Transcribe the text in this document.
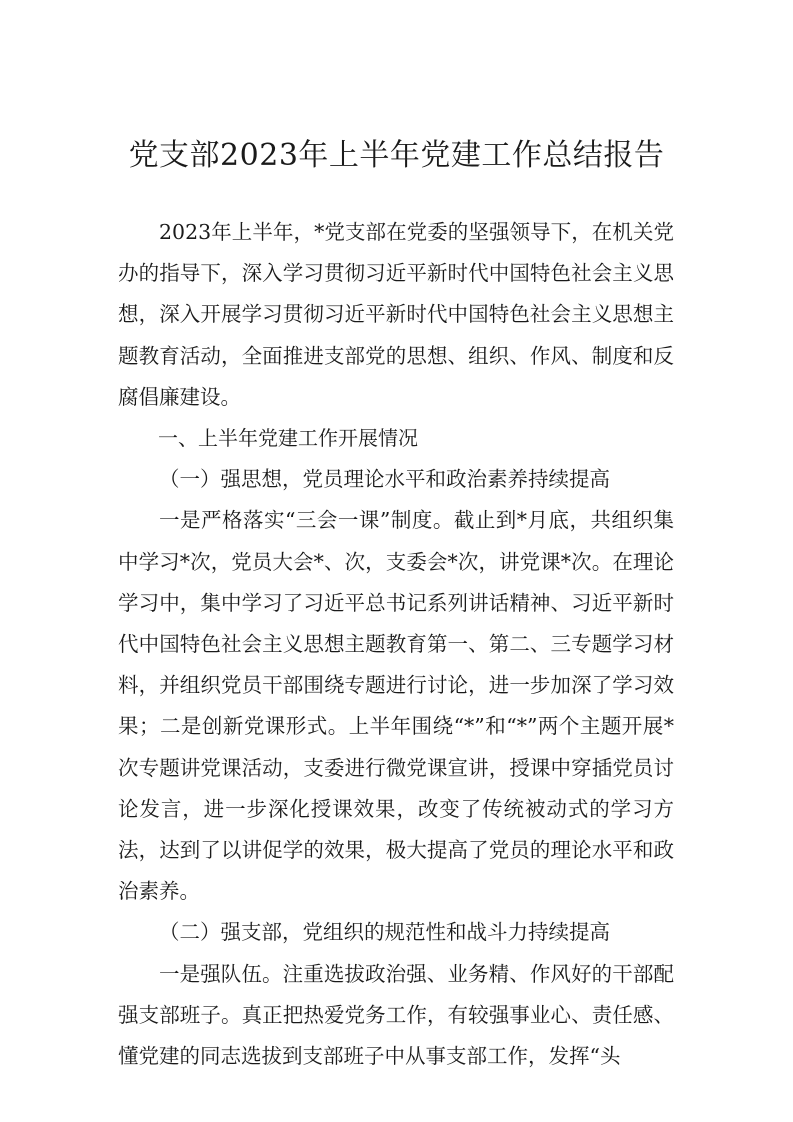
党支部2023年上半年党建工作总结报告

2023年上半年，*党支部在党委的坚强领导下，在机关党办的指导下，深入学习贯彻习近平新时代中国特色社会主义思想，深入开展学习贯彻习近平新时代中国特色社会主义思想主题教育活动，全面推进支部党的思想、组织、作风、制度和反腐倡廉建设。

一、上半年党建工作开展情况

（一）强思想，党员理论水平和政治素养持续提高

一是严格落实“三会一课”制度。截止到*月底，共组织集中学习*次，党员大会*、次，支委会*次，讲党课*次。在理论学习中，集中学习了习近平总书记系列讲话精神、习近平新时代中国特色社会主义思想主题教育第一、第二、三专题学习材料，并组织党员干部围绕专题进行讨论，进一步加深了学习效果；二是创新党课形式。上半年围绕“*”和“*”两个主题开展*次专题讲党课活动，支委进行微党课宣讲，授课中穿插党员讨论发言，进一步深化授课效果，改变了传统被动式的学习方法，达到了以讲促学的效果，极大提高了党员的理论水平和政治素养。

（二）强支部，党组织的规范性和战斗力持续提高

一是强队伍。注重选拔政治强、业务精、作风好的干部配强支部班子。真正把热爱党务工作，有较强事业心、责任感、懂党建的同志选拔到支部班子中从事支部工作，发挥“头
